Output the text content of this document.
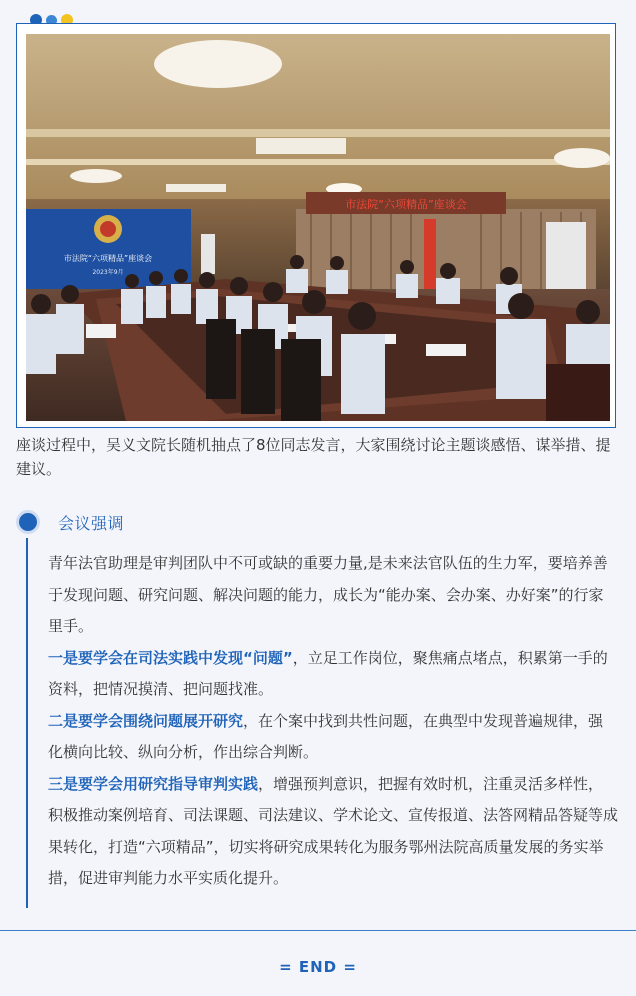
市法院“六项精品”座谈会
市法院“六项精品”座谈会
2023年9月
座谈过程中，吴义文院长随机抽点了8位同志发言，大家围绕讨论主题谈感悟、谋举措、提建议。
会议强调

青年法官助理是审判团队中不可或缺的重要力量,是未来法官队伍的生力军，要培养善于发现问题、研究问题、解决问题的能力，成长为“能办案、会办案、办好案”的行家里手。

一是要学会在司法实践中发现“问题”，立足工作岗位，聚焦痛点堵点，积累第一手的资料，把情况摸清、把问题找准。

二是要学会围绕问题展开研究，在个案中找到共性问题，在典型中发现普遍规律，强化横向比较、纵向分析，作出综合判断。

三是要学会用研究指导审判实践，增强预判意识，把握有效时机，注重灵活多样性，积极推动案例培育、司法课题、司法建议、学术论文、宣传报道、法答网精品答疑等成果转化，打造“六项精品”，切实将研究成果转化为服务鄂州法院高质量发展的务实举措，促进审判能力水平实质化提升。

= END =
